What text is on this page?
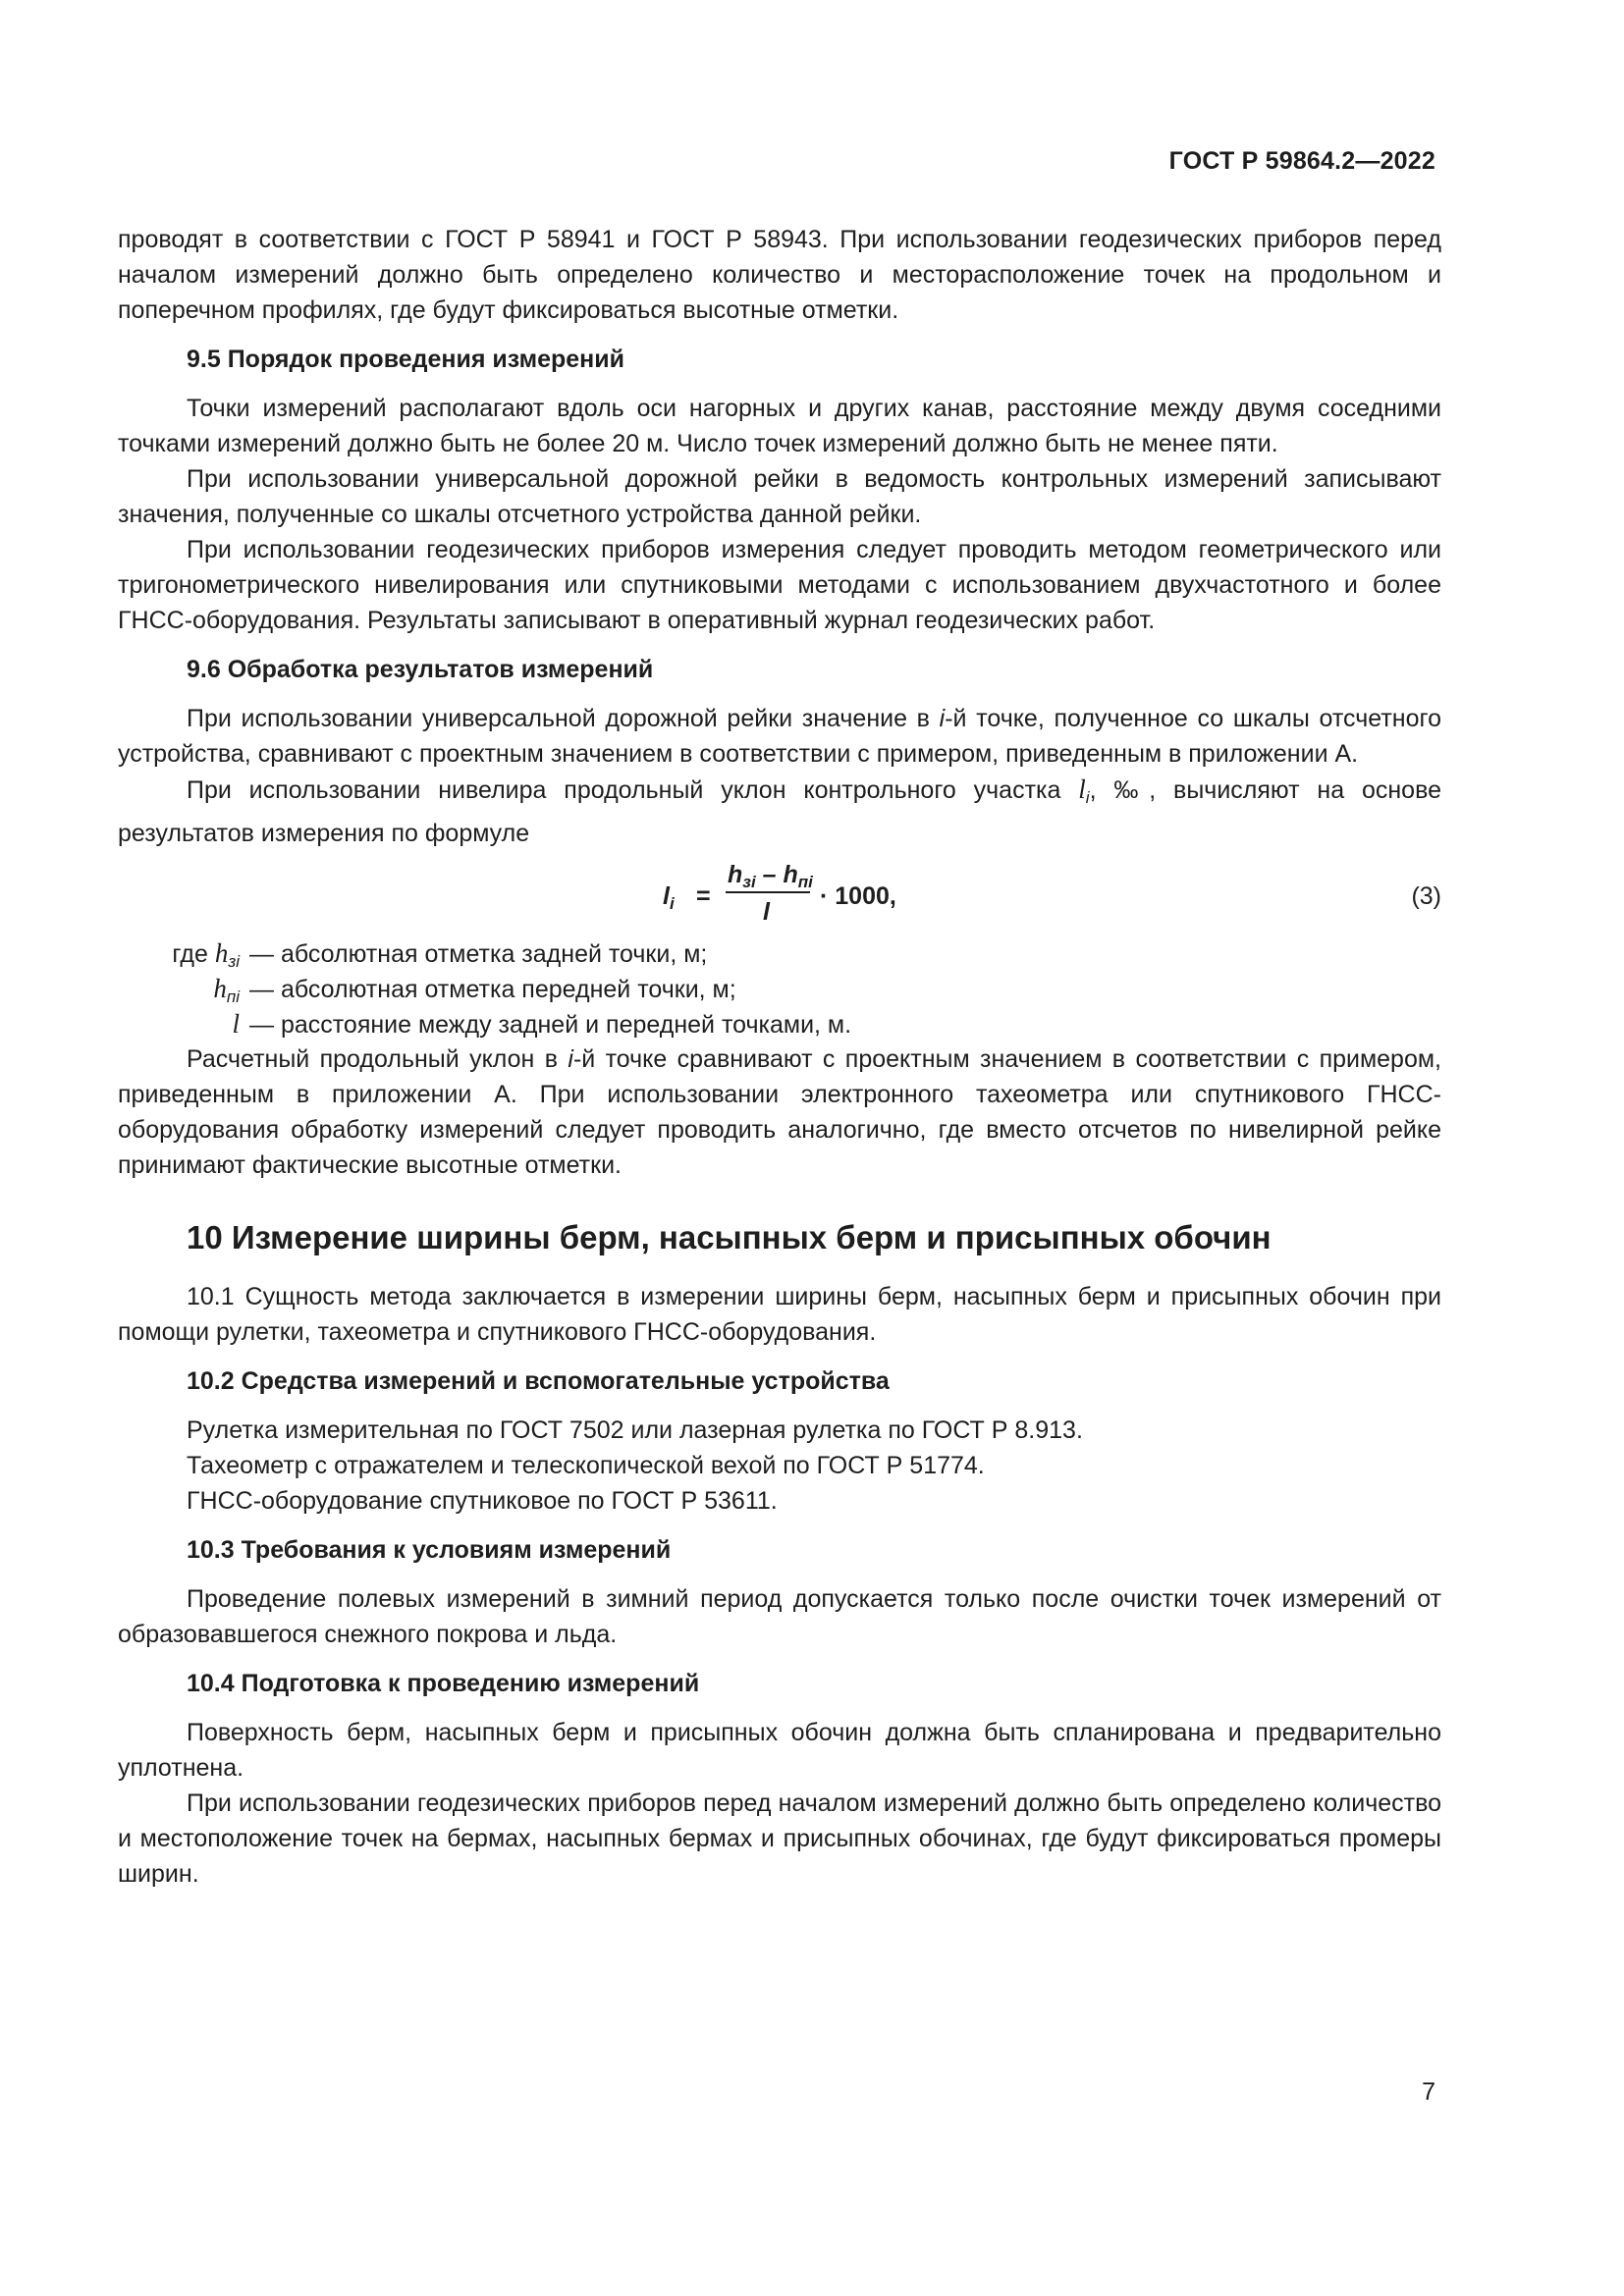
ГОСТ Р 59864.2—2022

проводят в соответствии с ГОСТ Р 58941 и ГОСТ Р 58943. При использовании геодезических приборов перед началом измерений должно быть определено количество и месторасположение точек на продольном и поперечном профилях, где будут фиксироваться высотные отметки.

9.5 Порядок проведения измерений

Точки измерений располагают вдоль оси нагорных и других канав, расстояние между двумя соседними точками измерений должно быть не более 20 м. Число точек измерений должно быть не менее пяти.

При использовании универсальной дорожной рейки в ведомость контрольных измерений записывают значения, полученные со шкалы отсчетного устройства данной рейки.

При использовании геодезических приборов измерения следует проводить методом геометрического или тригонометрического нивелирования или спутниковыми методами с использованием двухчастотного и более ГНСС-оборудования. Результаты записывают в оперативный журнал геодезических работ.

9.6 Обработка результатов измерений

При использовании универсальной дорожной рейки значение в i-й точке, полученное со шкалы отсчетного устройства, сравнивают с проектным значением в соответствии с примером, приведенным в приложении А.

При использовании нивелира продольный уклон контрольного участка $l_i$, ‰, вычисляют на основе результатов измерения по формуле

$l_i$ =
$h_{зi} - h_{пi}$
l
· 1000,	(3)
где $h_{зi}$ — абсолютная отметка задней точки, м;
$h_{пi}$ — абсолютная отметка передней точки, м;
l — расстояние между задней и передней точками, м.

Расчетный продольный уклон в i-й точке сравнивают с проектным значением в соответствии с примером, приведенным в приложении А. При использовании электронного тахеометра или спутникового ГНСС-оборудования обработку измерений следует проводить аналогично, где вместо отсчетов по нивелирной рейке принимают фактические высотные отметки.

10 Измерение ширины берм, насыпных берм и присыпных обочин

10.1 Сущность метода заключается в измерении ширины берм, насыпных берм и присыпных обочин при помощи рулетки, тахеометра и спутникового ГНСС-оборудования.

10.2 Средства измерений и вспомогательные устройства

Рулетка измерительная по ГОСТ 7502 или лазерная рулетка по ГОСТ Р 8.913.

Тахеометр с отражателем и телескопической вехой по ГОСТ Р 51774.

ГНСС-оборудование спутниковое по ГОСТ Р 53611.

10.3 Требования к условиям измерений

Проведение полевых измерений в зимний период допускается только после очистки точек измерений от образовавшегося снежного покрова и льда.

10.4 Подготовка к проведению измерений

Поверхность берм, насыпных берм и присыпных обочин должна быть спланирована и предварительно уплотнена.

При использовании геодезических приборов перед началом измерений должно быть определено количество и местоположение точек на бермах, насыпных бермах и присыпных обочинах, где будут фиксироваться промеры ширин.

7
